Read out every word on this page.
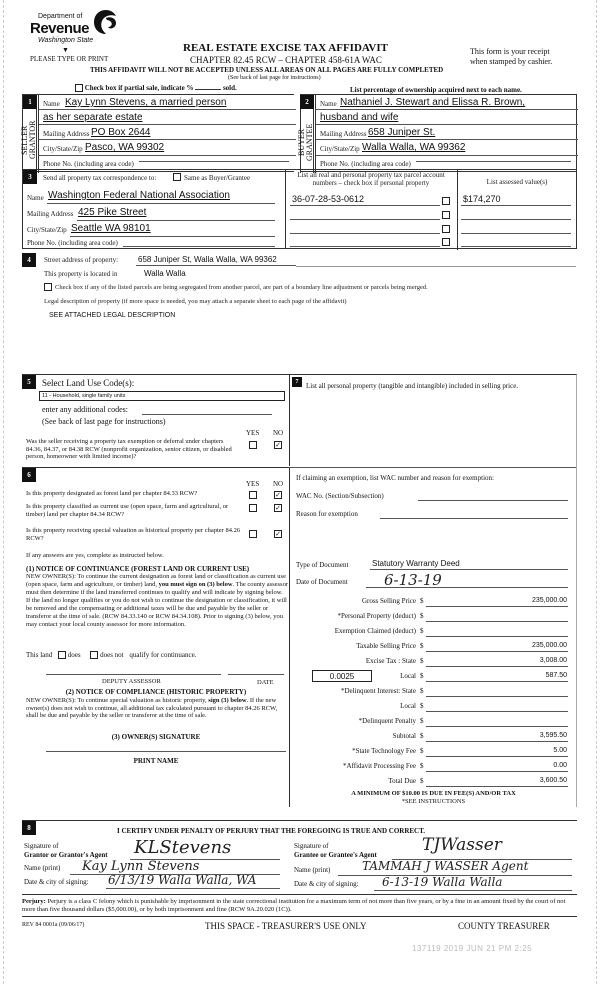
Department of
Revenue
Washington State
▼
PLEASE TYPE OR PRINT
REAL ESTATE EXCISE TAX AFFIDAVIT
CHAPTER 82.45 RCW – CHAPTER 458-61A WAC
THIS AFFIDAVIT WILL NOT BE ACCEPTED UNLESS ALL AREAS ON ALL PAGES ARE FULLY COMPLETED
(See back of last page for instructions)
This form is your receipt
when stamped by cashier.
Check box if partial sale, indicate %	sold.	List percentage of ownership acquired next to each name.
1
SELLER GRANTOR
Name Kay Lynn Stevens, a married person
as her separate estate
Mailing Address PO Box 2644
City/State/Zip Pasco, WA 99302
Phone No. (including area code)
2
BUYER GRANTEE
Name Nathaniel J. Stewart and Elissa R. Brown,
husband and wife
Mailing Address 658 Juniper St.
City/State/Zip Walla Walla, WA 99362
Phone No. (including area code)
3	Send all property tax correspondence to:	Same as Buyer/Grantee
Name Washington Federal National Association
Mailing Address 425 Pike Street
City/State/Zip Seattle WA 98101
Phone No. (including area code)
List all real and personal property tax parcel account
numbers – check box if personal property	List assessed value(s)
36-07-28-53-0612	$174,270
4	Street address of property: 658 Juniper St, Walla Walla, WA 99362
This property is located in	Walla Walla
Check box if any of the listed parcels are being segregated from another parcel, are part of a boundary line adjustment or parcels being merged.
Legal description of property (if more space is needed, you may attach a separate sheet to each page of the affidavit)
SEE ATTACHED LEGAL DESCRIPTION
5	Select Land Use Code(s):
11 - Household, single family units
enter any additional codes:
(See back of last page for instructions)
YES NO
Was the seller receiving a property tax exemption or deferral under chapters 84.36, 84.37, or 84.38 RCW (nonprofit organization, senior citizen, or disabled person, homeowner with limited income)?
✓
6
YES NO
Is this property designated as forest land per chapter 84.33 RCW?	✓
Is this property classified as current use (open space, farm and agricultural, or timber) land per chapter 84.34 RCW?
✓
Is this property receiving special valuation as historical property per chapter 84.26 RCW?	✓
If any answers are yes, complete as instructed below.
(1) NOTICE OF CONTINUANCE (FOREST LAND OR CURRENT USE)
NEW OWNER(S): To continue the current designation as forest land or classification as current use (open space, farm and agriculture, or timber) land, you must sign on (3) below. The county assessor must then determine if the land transferred continues to qualify and will indicate by signing below. If the land no longer qualifies or you do not wish to continue the designation or classification, it will be removed and the compensating or additional taxes will be due and payable by the seller or transferor at the time of sale. (RCW 84.33.140 or RCW 84.34.108). Prior to signing (3) below, you may contact your local county assessor for more information.
This land does	does not qualify for continuance.
DEPUTY ASSESSOR	DATE
(2) NOTICE OF COMPLIANCE (HISTORIC PROPERTY)
NEW OWNER(S): To continue special valuation as historic property, sign (3) below. If the new owner(s) does not wish to continue, all additional tax calculated pursuant to chapter 84.26 RCW, shall be due and payable by the seller or transferor at the time of sale.
(3) OWNER(S) SIGNATURE
PRINT NAME
7	List all personal property (tangible and intangible) included in selling price.
If claiming an exemption, list WAC number and reason for exemption:
WAC No. (Section/Subsection)
Reason for exemption
Type of Document	Statutory Warranty Deed
Date of Document 6-13-19
Gross Selling Price $	235,000.00
*Personal Property (deduct) $
Exemption Claimed (deduct) $
Taxable Selling Price $	235,000.00
Excise Tax : State $	3,008.00
0.0025	Local $	587.50
*Delinquent Interest: State $
Local $
*Delinquent Penalty $
Subtotal $	3,595.50
*State Technology Fee $	5.00
*Affidavit Processing Fee $	0.00
Total Due $	3,600.50
A MINIMUM OF $10.00 IS DUE IN FEE(S) AND/OR TAX
*SEE INSTRUCTIONS
8	I CERTIFY UNDER PENALTY OF PERJURY THAT THE FOREGOING IS TRUE AND CORRECT.
Signature of
Grantor or Grantor's Agent KLStevens
Name (print) Kay Lynn Stevens
Date & city of signing: 6/13/19 Walla Walla, WA
Signature of
Grantee or Grantee's Agent	TJWasser
Name (print)	TAMMAH J WASSER Agent
Date & city of signing: 6-13-19 Walla Walla
Perjury: Perjury is a class C felony which is punishable by imprisonment in the state correctional institution for a maximum term of not more than five years, or by a fine in an amount fixed by the court of not more than five thousand dollars ($5,000.00), or by both imprisonment and fine (RCW 9A.20.020 (1C)).
REV 84 0001a (09/06/17)	THIS SPACE - TREASURER'S USE ONLY	COUNTY TREASURER
137119 2019 JUN 21 PM 2:25
